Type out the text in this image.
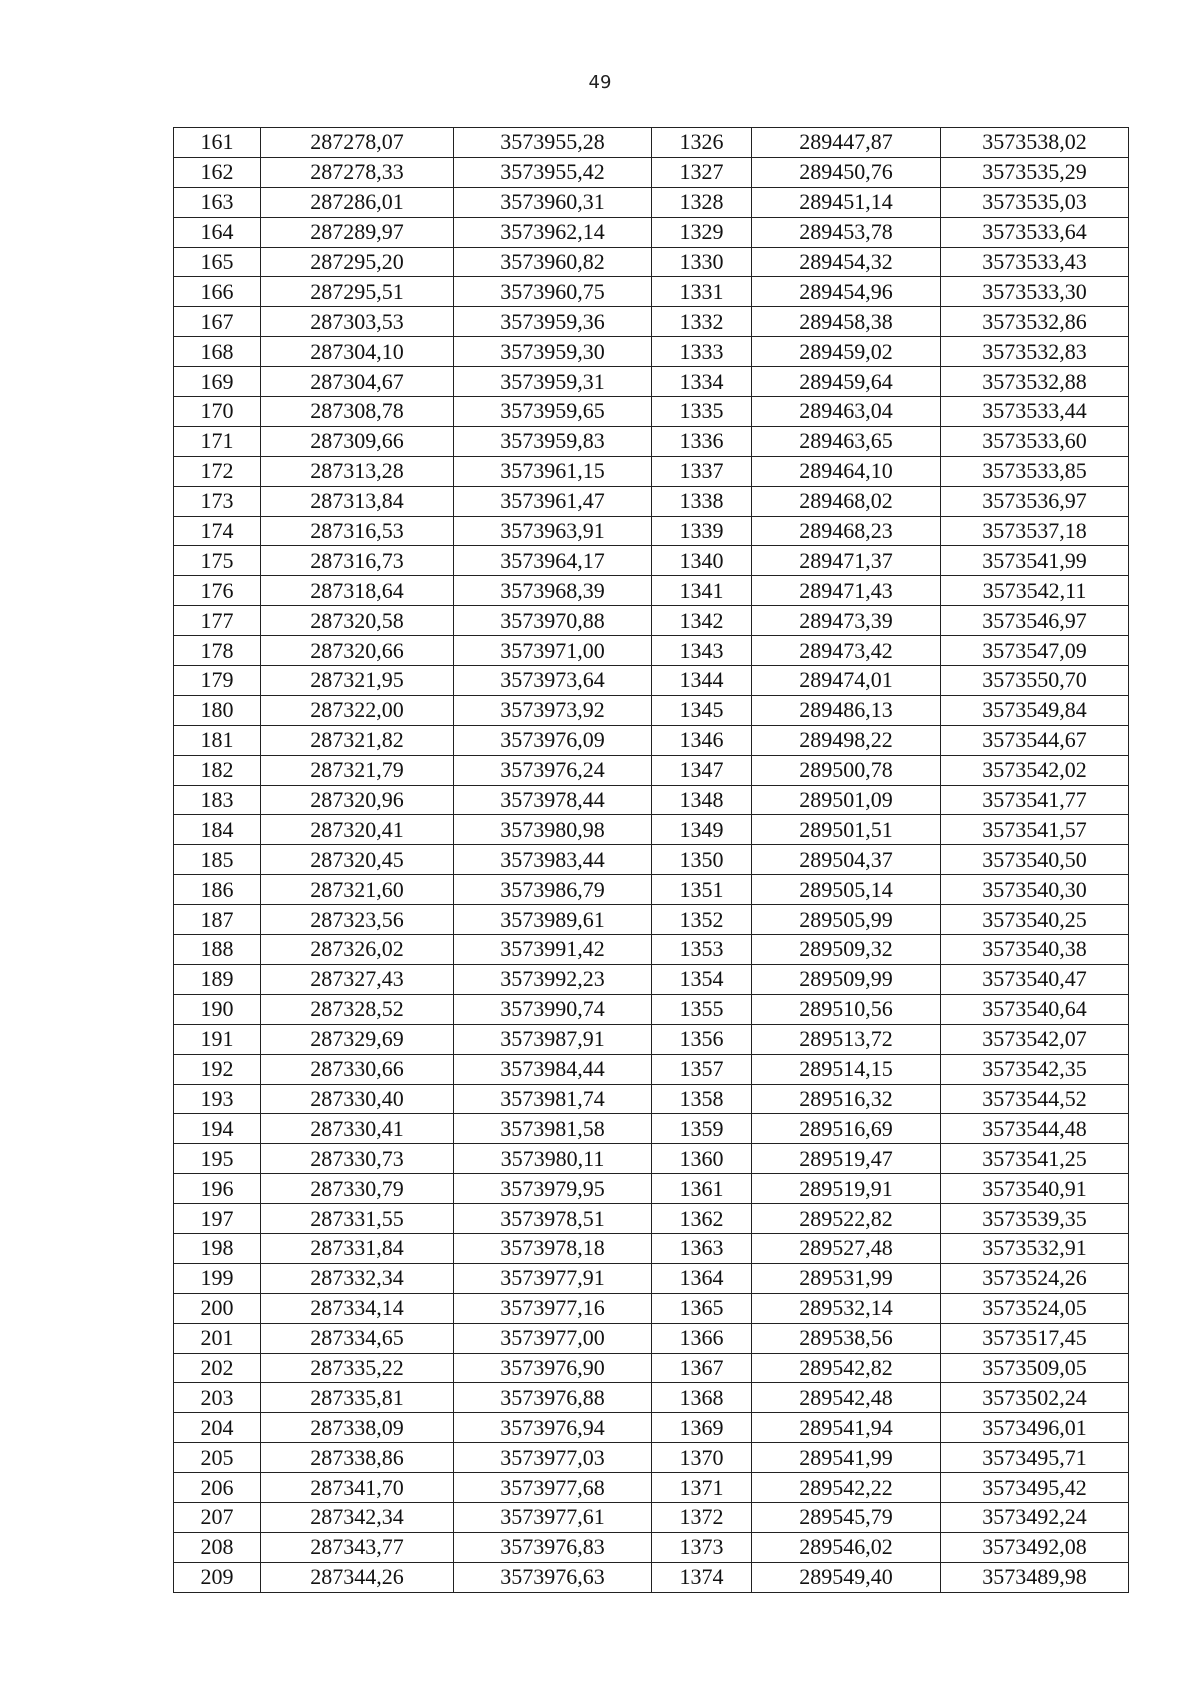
49
161	287278,07	3573955,28	1326	289447,87	3573538,02
162	287278,33	3573955,42	1327	289450,76	3573535,29
163	287286,01	3573960,31	1328	289451,14	3573535,03
164	287289,97	3573962,14	1329	289453,78	3573533,64
165	287295,20	3573960,82	1330	289454,32	3573533,43
166	287295,51	3573960,75	1331	289454,96	3573533,30
167	287303,53	3573959,36	1332	289458,38	3573532,86
168	287304,10	3573959,30	1333	289459,02	3573532,83
169	287304,67	3573959,31	1334	289459,64	3573532,88
170	287308,78	3573959,65	1335	289463,04	3573533,44
171	287309,66	3573959,83	1336	289463,65	3573533,60
172	287313,28	3573961,15	1337	289464,10	3573533,85
173	287313,84	3573961,47	1338	289468,02	3573536,97
174	287316,53	3573963,91	1339	289468,23	3573537,18
175	287316,73	3573964,17	1340	289471,37	3573541,99
176	287318,64	3573968,39	1341	289471,43	3573542,11
177	287320,58	3573970,88	1342	289473,39	3573546,97
178	287320,66	3573971,00	1343	289473,42	3573547,09
179	287321,95	3573973,64	1344	289474,01	3573550,70
180	287322,00	3573973,92	1345	289486,13	3573549,84
181	287321,82	3573976,09	1346	289498,22	3573544,67
182	287321,79	3573976,24	1347	289500,78	3573542,02
183	287320,96	3573978,44	1348	289501,09	3573541,77
184	287320,41	3573980,98	1349	289501,51	3573541,57
185	287320,45	3573983,44	1350	289504,37	3573540,50
186	287321,60	3573986,79	1351	289505,14	3573540,30
187	287323,56	3573989,61	1352	289505,99	3573540,25
188	287326,02	3573991,42	1353	289509,32	3573540,38
189	287327,43	3573992,23	1354	289509,99	3573540,47
190	287328,52	3573990,74	1355	289510,56	3573540,64
191	287329,69	3573987,91	1356	289513,72	3573542,07
192	287330,66	3573984,44	1357	289514,15	3573542,35
193	287330,40	3573981,74	1358	289516,32	3573544,52
194	287330,41	3573981,58	1359	289516,69	3573544,48
195	287330,73	3573980,11	1360	289519,47	3573541,25
196	287330,79	3573979,95	1361	289519,91	3573540,91
197	287331,55	3573978,51	1362	289522,82	3573539,35
198	287331,84	3573978,18	1363	289527,48	3573532,91
199	287332,34	3573977,91	1364	289531,99	3573524,26
200	287334,14	3573977,16	1365	289532,14	3573524,05
201	287334,65	3573977,00	1366	289538,56	3573517,45
202	287335,22	3573976,90	1367	289542,82	3573509,05
203	287335,81	3573976,88	1368	289542,48	3573502,24
204	287338,09	3573976,94	1369	289541,94	3573496,01
205	287338,86	3573977,03	1370	289541,99	3573495,71
206	287341,70	3573977,68	1371	289542,22	3573495,42
207	287342,34	3573977,61	1372	289545,79	3573492,24
208	287343,77	3573976,83	1373	289546,02	3573492,08
209	287344,26	3573976,63	1374	289549,40	3573489,98
